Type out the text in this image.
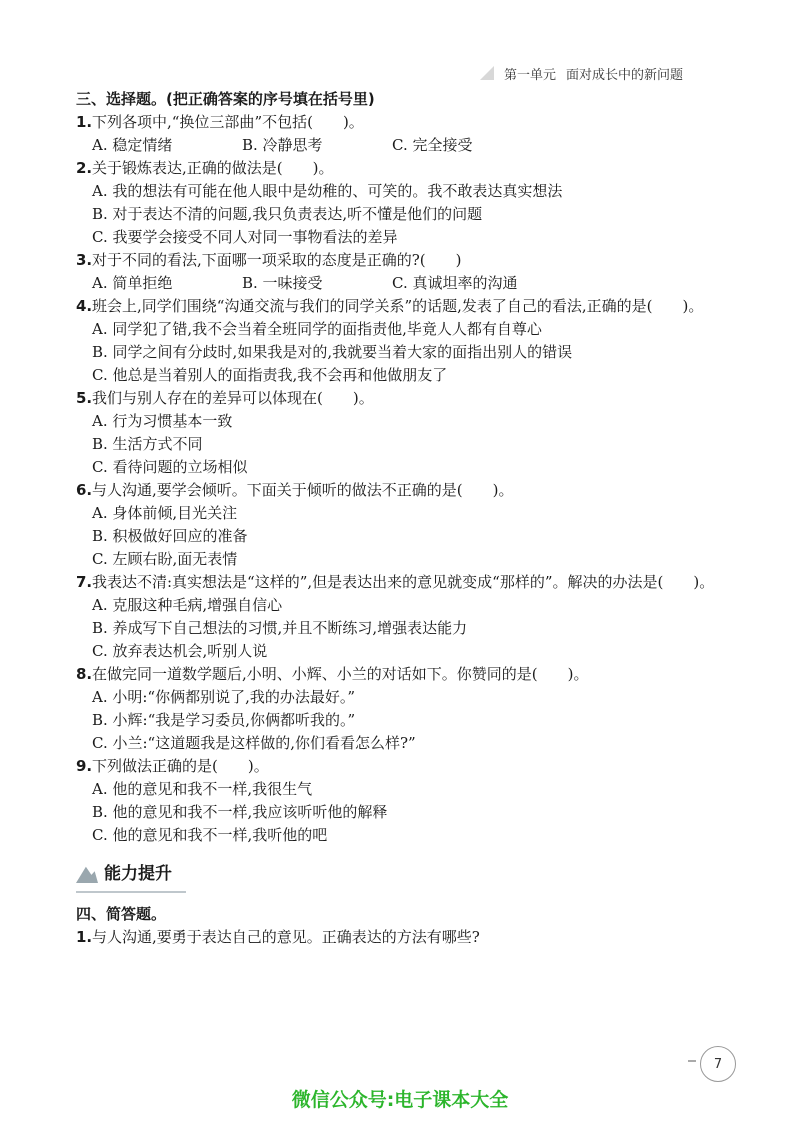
第一单元 面对成长中的新问题
三、选择题。(把正确答案的序号填在括号里)
1. 下列各项中,“换位三部曲”不包括(　　)。
A. 稳定情绪	B. 冷静思考	C. 完全接受
2. 关于锻炼表达,正确的做法是(　　)。
A. 我的想法有可能在他人眼中是幼稚的、可笑的。我不敢表达真实想法
B. 对于表达不清的问题,我只负责表达,听不懂是他们的问题
C. 我要学会接受不同人对同一事物看法的差异
3. 对于不同的看法,下面哪一项采取的态度是正确的?(　　)
A. 简单拒绝	B. 一味接受	C. 真诚坦率的沟通
4. 班会上,同学们围绕“沟通交流与我们的同学关系”的话题,发表了自己的看法,正确的是(　　)。
A. 同学犯了错,我不会当着全班同学的面指责他,毕竟人人都有自尊心
B. 同学之间有分歧时,如果我是对的,我就要当着大家的面指出别人的错误
C. 他总是当着别人的面指责我,我不会再和他做朋友了
5. 我们与别人存在的差异可以体现在(　　)。
A. 行为习惯基本一致
B. 生活方式不同
C. 看待问题的立场相似
6. 与人沟通,要学会倾听。下面关于倾听的做法不正确的是(　　)。
A. 身体前倾,目光关注
B. 积极做好回应的准备
C. 左顾右盼,面无表情
7. 我表达不清:真实想法是“这样的”,但是表达出来的意见就变成“那样的”。解决的办法是(　　)。
A. 克服这种毛病,增强自信心
B. 养成写下自己想法的习惯,并且不断练习,增强表达能力
C. 放弃表达机会,听别人说
8. 在做完同一道数学题后,小明、小辉、小兰的对话如下。你赞同的是(　　)。
A. 小明:“你俩都别说了,我的办法最好。”
B. 小辉:“我是学习委员,你俩都听我的。”
C. 小兰:“这道题我是这样做的,你们看看怎么样?”
9. 下列做法正确的是(　　)。
A. 他的意见和我不一样,我很生气
B. 他的意见和我不一样,我应该听听他的解释
C. 他的意见和我不一样,我听他的吧
能力提升
四、简答题。
1. 与人沟通,要勇于表达自己的意见。正确表达的方法有哪些?
7
微信公众号:电子课本大全
